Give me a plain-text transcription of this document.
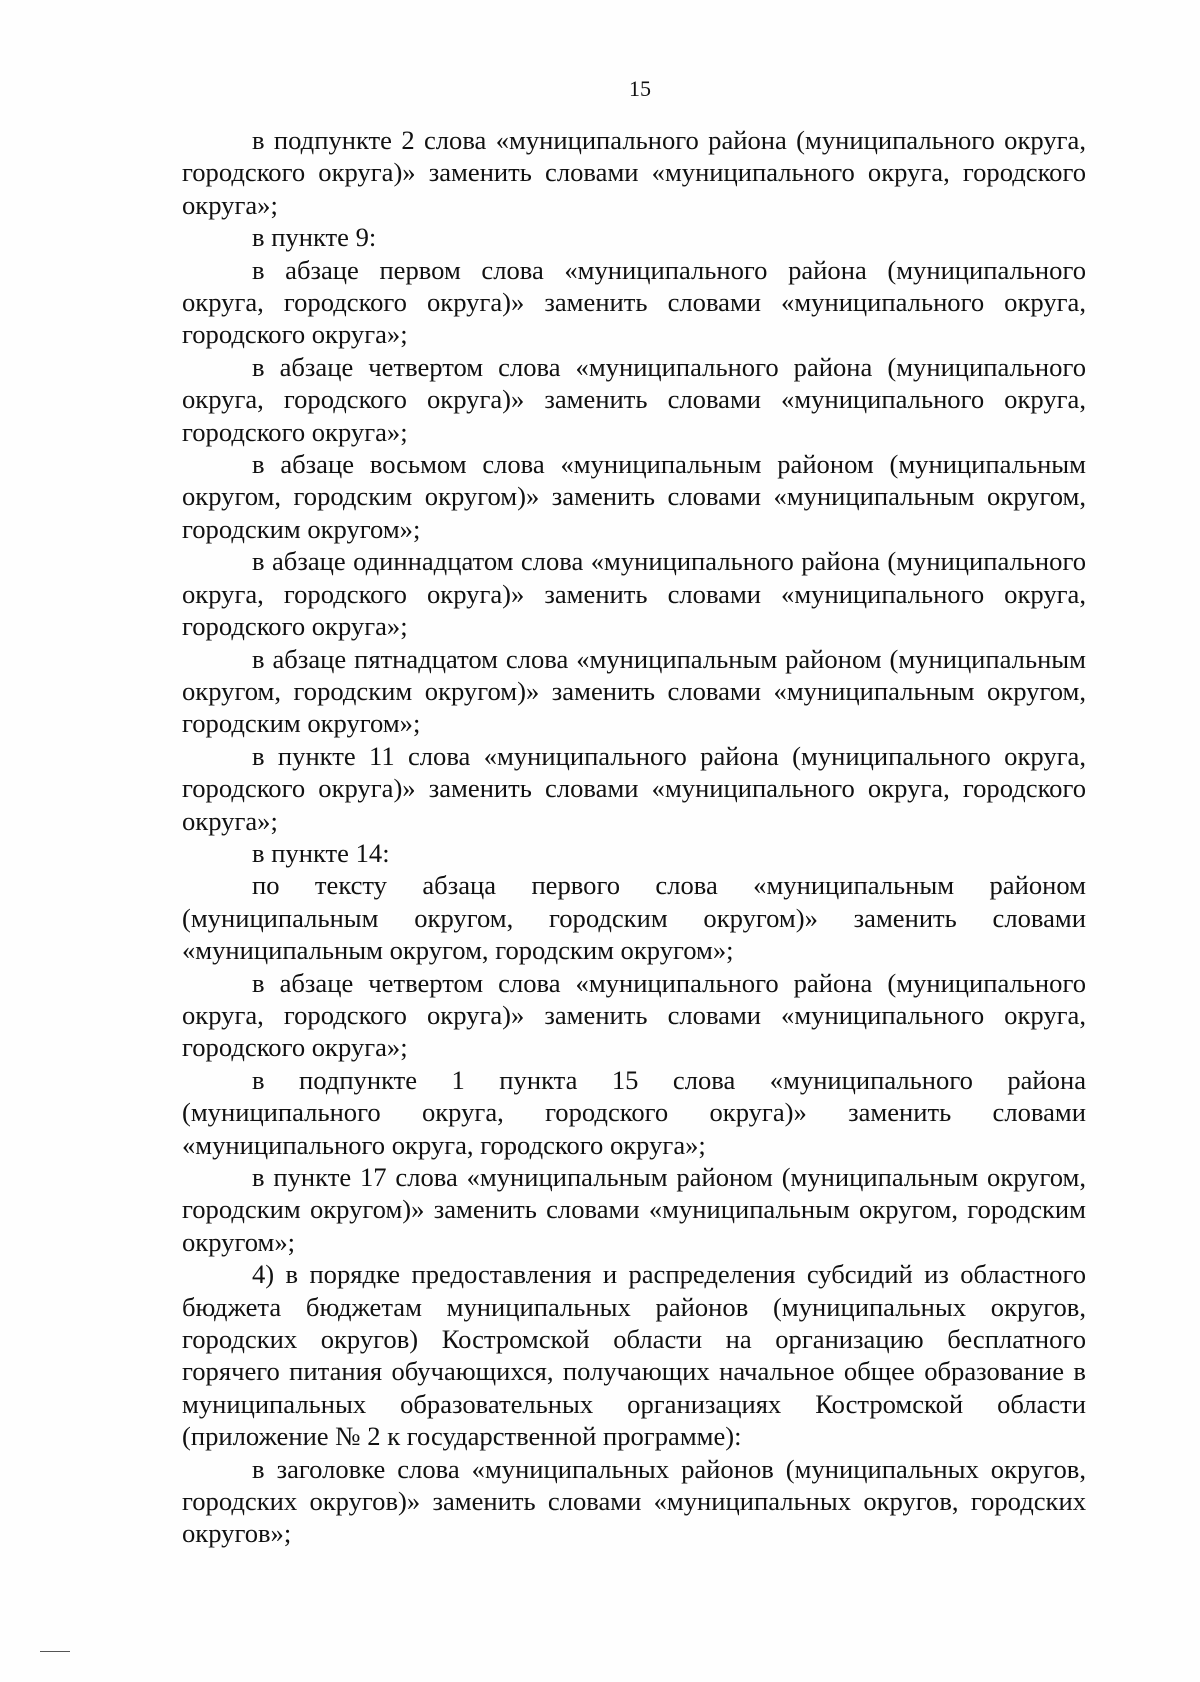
15

в подпункте 2 слова «муниципального района (муниципального округа, городского округа)» заменить словами «муниципального округа, городского округа»;

в пункте 9:

в абзаце первом слова «муниципального района (муниципального округа, городского округа)» заменить словами «муниципального округа, городского округа»;

в абзаце четвертом слова «муниципального района (муниципального округа, городского округа)» заменить словами «муниципального округа, городского округа»;

в абзаце восьмом слова «муниципальным районом (муниципальным округом, городским округом)» заменить словами «муниципальным округом, городским округом»;

в абзаце одиннадцатом слова «муниципального района (муниципального округа, городского округа)» заменить словами «муниципального округа, городского округа»;

в абзаце пятнадцатом слова «муниципальным районом (муниципальным округом, городским округом)» заменить словами «муниципальным округом, городским округом»;

в пункте 11 слова «муниципального района (муниципального округа, городского округа)» заменить словами «муниципального округа, городского округа»;

в пункте 14:

по тексту абзаца первого слова «муниципальным районом (муниципальным округом, городским округом)» заменить словами «муниципальным округом, городским округом»;

в абзаце четвертом слова «муниципального района (муниципального округа, городского округа)» заменить словами «муниципального округа, городского округа»;

в подпункте 1 пункта 15 слова «муниципального района (муниципального округа, городского округа)» заменить словами «муниципального округа, городского округа»;

в пункте 17 слова «муниципальным районом (муниципальным округом, городским округом)» заменить словами «муниципальным округом, городским округом»;

4) в порядке предоставления и распределения субсидий из областного бюджета бюджетам муниципальных районов (муниципальных округов, городских округов) Костромской области на организацию бесплатного горячего питания обучающихся, получающих начальное общее образование в муниципальных образовательных организациях Костромской области (приложение № 2 к государственной программе):

в заголовке слова «муниципальных районов (муниципальных округов, городских округов)» заменить словами «муниципальных округов, городских округов»;
